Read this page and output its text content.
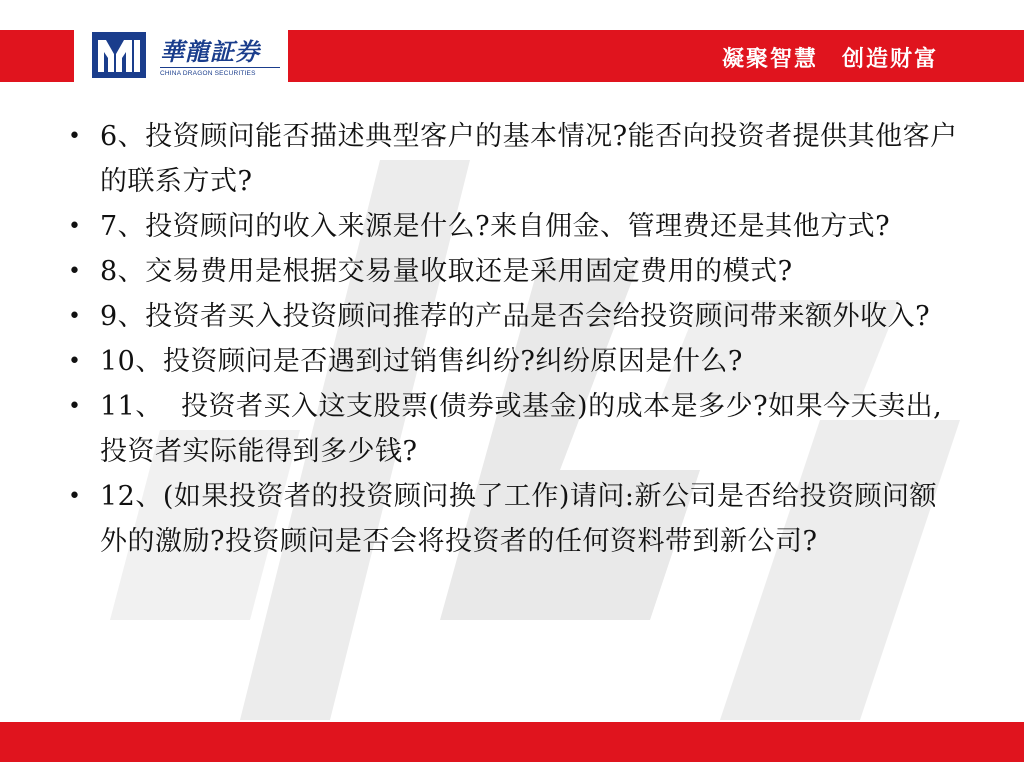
華龍証券
CHINA DRAGON SECURITIES
凝聚智慧 创造财富
• 6、投资顾问能否描述典型客户的基本情况?能否向投资者提供其他客户的联系方式?
• 7、投资顾问的收入来源是什么?来自佣金、管理费还是其他方式?
• 8、交易费用是根据交易量收取还是采用固定费用的模式?
• 9、投资者买入投资顾问推荐的产品是否会给投资顾问带来额外收入?
• 10、投资顾问是否遇到过销售纠纷?纠纷原因是什么?
• 11、  投资者买入这支股票(债券或基金)的成本是多少?如果今天卖出,投资者实际能得到多少钱?
• 12、(如果投资者的投资顾问换了工作)请问:新公司是否给投资顾问额外的激励?投资顾问是否会将投资者的任何资料带到新公司?
